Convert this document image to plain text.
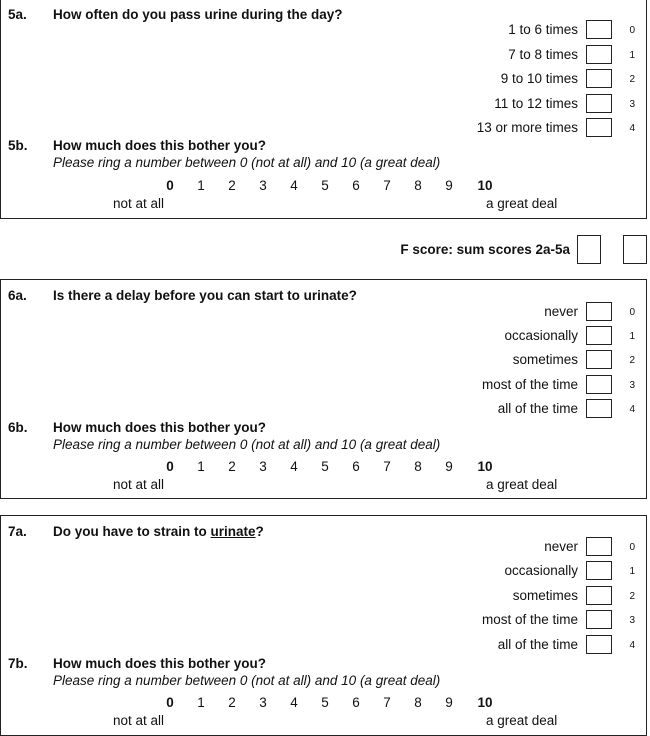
5a. How often do you pass urine during the day?
1 to 6 times	0
7 to 8 times	1
9 to 10 times	2
11 to 12 times	3
13 or more times	4
5b. How much does this bother you?
Please ring a number between 0 (not at all) and 10 (a great deal)
0 1 2 3 4 5 6 7 8 9 10
not at all	a great deal
F score: sum scores 2a-5a
6a. Is there a delay before you can start to urinate?
never	0
occasionally	1
sometimes	2
most of the time	3
all of the time	4
6b. How much does this bother you?
Please ring a number between 0 (not at all) and 10 (a great deal)
0 1 2 3 4 5 6 7 8 9 10
not at all	a great deal
7a. Do you have to strain to urinate?
never	0
occasionally	1
sometimes	2
most of the time	3
all of the time	4
7b. How much does this bother you?
Please ring a number between 0 (not at all) and 10 (a great deal)
0 1 2 3 4 5 6 7 8 9 10
not at all	a great deal
